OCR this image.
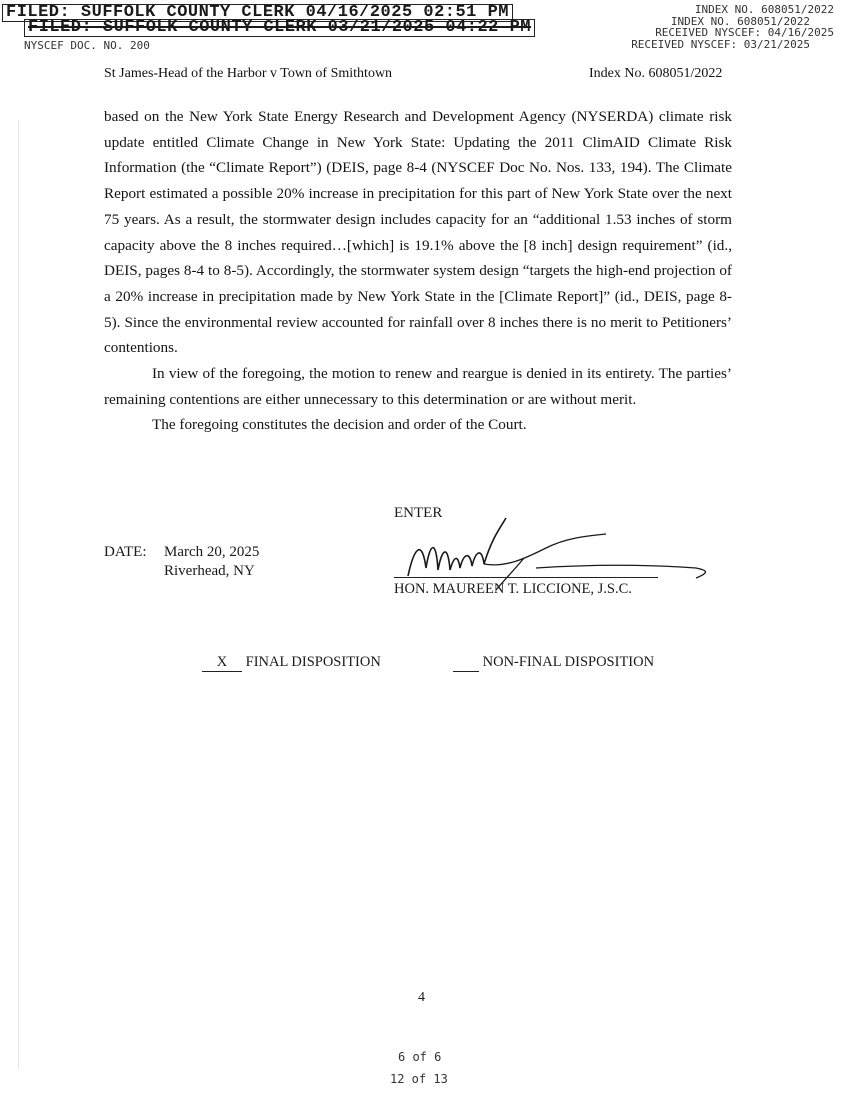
FILED: SUFFOLK COUNTY CLERK 04/16/2025 02:51 PM
FILED: SUFFOLK COUNTY CLERK 03/21/2025 04:22 PM
INDEX NO. 608051/2022
INDEX NO. 608051/2022
RECEIVED NYSCEF: 04/16/2025
RECEIVED NYSCEF: 03/21/2025
NYSCEF DOC. NO. 200
St James-Head of the Harbor v Town of Smithtown	Index No. 608051/2022

based on the New York State Energy Research and Development Agency (NYSERDA) climate risk update entitled Climate Change in New York State: Updating the 2011 ClimAID Climate Risk Information (the “Climate Report”) (DEIS, page 8-4 (NYSCEF Doc No. Nos. 133, 194). The Climate Report estimated a possible 20% increase in precipitation for this part of New York State over the next 75 years. As a result, the stormwater design includes capacity for an “additional 1.53 inches of storm capacity above the 8 inches required…[which] is 19.1% above the [8 inch] design requirement” (id., DEIS, pages 8-4 to 8-5). Accordingly, the stormwater system design “targets the high-end projection of a 20% increase in precipitation made by New York State in the [Climate Report]” (id., DEIS, page 8-5). Since the environmental review accounted for rainfall over 8 inches there is no merit to Petitioners’ contentions.

In view of the foregoing, the motion to renew and reargue is denied in its entirety. The parties’ remaining contentions are either unnecessary to this determination or are without merit.

The foregoing constitutes the decision and order of the Court.

ENTER
HON. MAUREEN T. LICCIONE, J.S.C.
DATE: March 20, 2025
Riverhead, NY
X FINAL DISPOSITION	NON-FINAL DISPOSITION
4
6 of 6
12 of 13
